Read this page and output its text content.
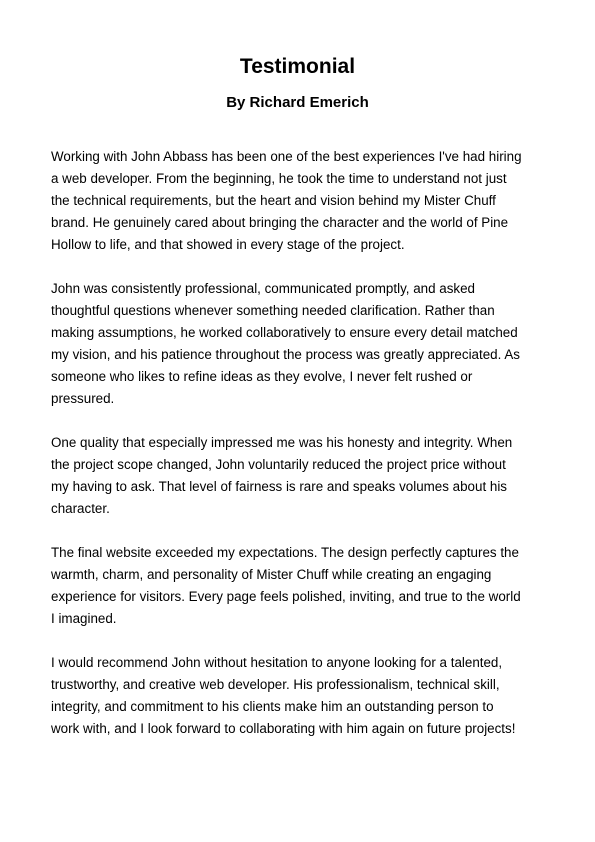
Testimonial
By Richard Emerich

Working with John Abbass has been one of the best experiences I've had hiring
a web developer. From the beginning, he took the time to understand not just
the technical requirements, but the heart and vision behind my Mister Chuff
brand. He genuinely cared about bringing the character and the world of Pine
Hollow to life, and that showed in every stage of the project.

John was consistently professional, communicated promptly, and asked
thoughtful questions whenever something needed clarification. Rather than
making assumptions, he worked collaboratively to ensure every detail matched
my vision, and his patience throughout the process was greatly appreciated. As
someone who likes to refine ideas as they evolve, I never felt rushed or
pressured.

One quality that especially impressed me was his honesty and integrity. When
the project scope changed, John voluntarily reduced the project price without
my having to ask. That level of fairness is rare and speaks volumes about his
character.

The final website exceeded my expectations. The design perfectly captures the
warmth, charm, and personality of Mister Chuff while creating an engaging
experience for visitors. Every page feels polished, inviting, and true to the world
I imagined.

I would recommend John without hesitation to anyone looking for a talented,
trustworthy, and creative web developer. His professionalism, technical skill,
integrity, and commitment to his clients make him an outstanding person to
work with, and I look forward to collaborating with him again on future projects!
